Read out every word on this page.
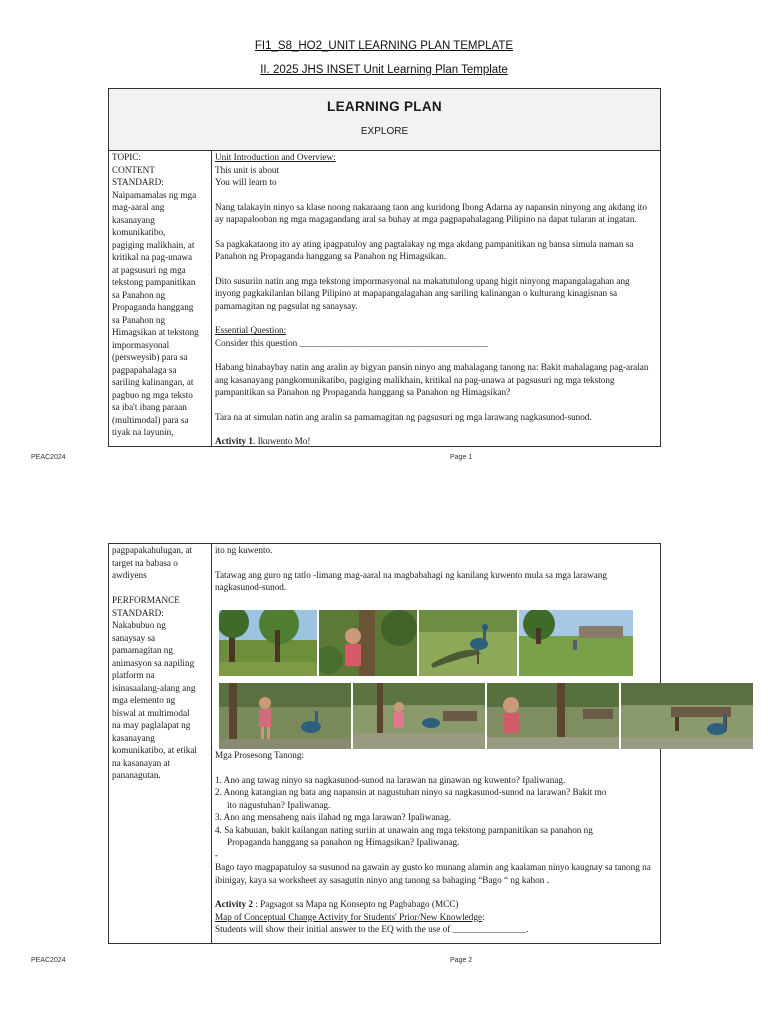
FI1_S8_HO2_UNIT LEARNING PLAN TEMPLATE
II. 2025 JHS INSET Unit Learning Plan Template
LEARNING PLAN
EXPLORE
TOPIC:
CONTENT
STANDARD:
Naipamamalas ng mga
mag-aaral ang
kasanayang
komunikatibo,
pagiging malikhain, at
kritikal na pag-unawa
at pagsusuri ng mga
tekstong pampanitikan
sa Panahon ng
Propaganda hanggang
sa Panahon ng
Himagsikan at tekstong
impormasyonal
(persweysib) para sa
pagpapahalaga sa
sariling kalinangan, at
pagbuo ng mga teksto
sa iba't ibang paraan
(multimodal) para sa
tiyak na layunin,

Unit Introduction and Overview:

This unit is about

You will learn to

Nang talakayin ninyo sa klase noong nakaraang taon ang kuridong Ibong Adarna ay napansin ninyong ang akdang ito ay napapalooban ng mga magagandang aral sa buhay at mga pagpapahalagang Pilipino na dapat tularan at ingatan.

Sa pagkakataong ito ay ating ipagpatuloy ang pagtalakay ng mga akdang pampanitikan ng bansa simula naman sa Panahon ng Propaganda hanggang sa Panahon ng Himagsikan.

Dito susuriin natin ang mga tekstong impormasyonal na makatutulong upang higit ninyong mapangalagahan ang inyong pagkakilanlan bilang Pilipino at mapapangalagahan ang sariling kalinangan o kulturang kinagisnan sa pamamagitan ng pagsulat ng sanaysay.

Essential Question:

Consider this question _________________________________________

Habang binabaybay natin ang aralin ay bigyan pansin ninyo ang mahalagang tanong na: Bakit mahalagang pag-aralan ang kasanayang pangkomunikatibo, pagiging malikhain, kritikal na pag-unawa at pagsusuri ng mga tekstong pampanitikan sa Panahon ng Propaganda hanggang sa Panahon ng Himagsikan?

Tara na at simulan natin ang aralin sa pamamagitan ng pagsusuri ng mga larawang nagkasunod-sunod.

Activity 1. Ikuwento Mo!

PEAC2024	Page 1
pagpapakahulugan, at
target na babasa o
awdiyens
PERFORMANCE
STANDARD:
Nakabubuo ng
sanaysay sa
pamamagitan ng
animasyon sa napiling
platform na
isinasaalang-alang ang
mga elemento ng
biswal at multimodal
na may paglalapat ng
kasanayang
komunikatibo, at etikal
na kasanayan at
pananagutan.

ito ng kuwento.

Tatawag ang guro ng tatlo -limang mag-aaral na magbabahagi ng kanilang kuwento mula sa mga larawang nagkasunod-sunod.

Mga Prosesong Tanong:

1. Ano ang tawag ninyo sa nagkasunod-sunod na larawan na ginawan ng kuwento? Ipaliwanag.

2. Anong katangian ng bata ang napansin at nagustuhan ninyo sa nagkasunod-sunod na larawan? Bakit mo

ito nagustuhan? Ipaliwanag.

3. Ano ang mensaheng nais ilahad ng mga larawan? Ipaliwanag.

4. Sa kabuuan, bakit kailangan nating suriin at unawain ang mga tekstong pampanitikan sa panahon ng

Propaganda hanggang sa panahon ng Himagsikan? Ipaliwanag.

-

Bago tayo magpapatuloy sa susunod na gawain ay gusto ko munang alamin ang kaalaman ninyo kaugnay sa tanong na ibinigay, kaya sa worksheet ay sasagutin ninyo ang tanong sa bahaging “Bago “ ng kahon .

Activity 2 : Pagsagot sa Mapa ng Konsepto ng Pagbabago (MCC)

Map of Conceptual Change Activity for Students' Prior/New Knowledge:

Students will show their initial answer to the EQ with the use of ________________.

PEAC2024	Page 2
